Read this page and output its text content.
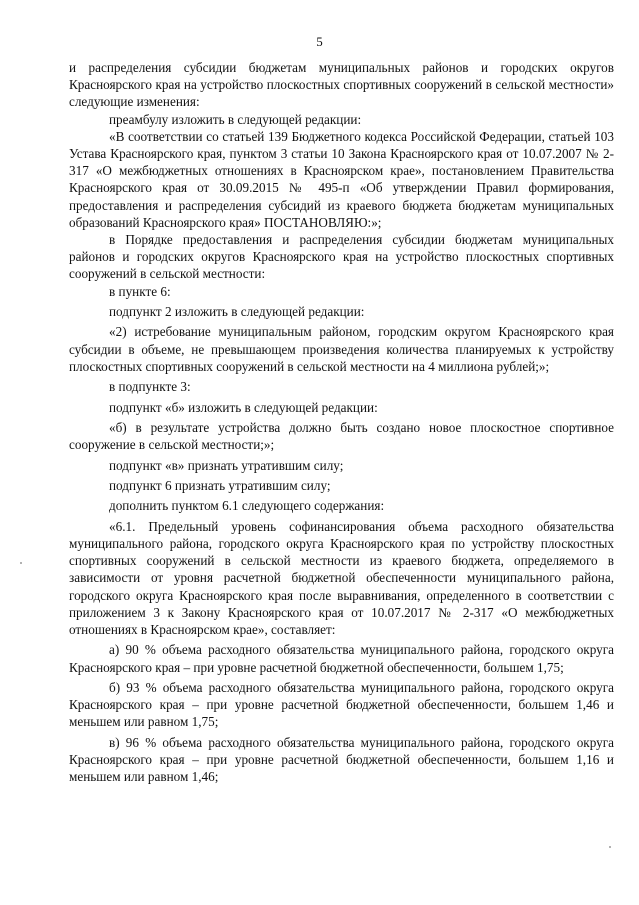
5

и распределения субсидии бюджетам муниципальных районов и городских округов Красноярского края на устройство плоскостных спортивных сооружений в сельской местности» следующие изменения:

преамбулу изложить в следующей редакции:

«В соответствии со статьей 139 Бюджетного кодекса Российской Федерации, статьей 103 Устава Красноярского края, пунктом 3 статьи 10 Закона Красноярского края от 10.07.2007 № 2-317 «О межбюджетных отношениях в Красноярском крае», постановлением Правительства Красноярского края от 30.09.2015 № 495-п «Об утверждении Правил формирования, предоставления и распределения субсидий из краевого бюджета бюджетам муниципальных образований Красноярского края» ПОСТАНОВЛЯЮ:»;

в Порядке предоставления и распределения субсидии бюджетам муниципальных районов и городских округов Красноярского края на устройство плоскостных спортивных сооружений в сельской местности:

в пункте 6:

подпункт 2 изложить в следующей редакции:

«2) истребование муниципальным районом, городским округом Красноярского края субсидии в объеме, не превышающем произведения количества планируемых к устройству плоскостных спортивных сооружений в сельской местности на 4 миллиона рублей;»;

в подпункте 3:

подпункт «б» изложить в следующей редакции:

«б) в результате устройства должно быть создано новое плоскостное спортивное сооружение в сельской местности;»;

подпункт «в» признать утратившим силу;

подпункт 6 признать утратившим силу;

дополнить пунктом 6.1 следующего содержания:

«6.1. Предельный уровень софинансирования объема расходного обязательства муниципального района, городского округа Красноярского края по устройству плоскостных спортивных сооружений в сельской местности из краевого бюджета, определяемого в зависимости от уровня расчетной бюджетной обеспеченности муниципального района, городского округа Красноярского края после выравнивания, определенного в соответствии с приложением 3 к Закону Красноярского края от 10.07.2017 № 2-317 «О межбюджетных отношениях в Красноярском крае», составляет:

а) 90 % объема расходного обязательства муниципального района, городского округа Красноярского края – при уровне расчетной бюджетной обеспеченности, большем 1,75;

б) 93 % объема расходного обязательства муниципального района, городского округа Красноярского края – при уровне расчетной бюджетной обеспеченности, большем 1,46 и меньшем или равном 1,75;

в) 96 % объема расходного обязательства муниципального района, городского округа Красноярского края – при уровне расчетной бюджетной обеспеченности, большем 1,16 и меньшем или равном 1,46;
